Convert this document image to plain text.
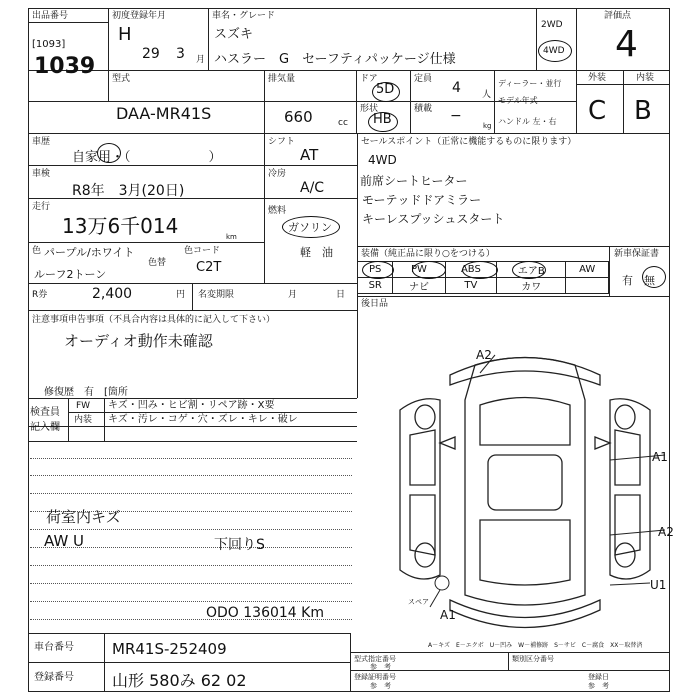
出品番号
[1093]
1039
初度登録年月
H
29 3 月
車名・グレード
スズキ
ハスラー　G　セーフティパッケージ仕様
2WD
4WD
評価点
4
型式
DAA-MR41S
排気量
660	cc
ドア
5D
定員
4 人
形状
HB
積載 −
kg
ディーラー・並行
モデル年式
ハンドル 左・右
外装	内装
C B
車歴
自家用・（　　　　　　）
シフト
AT
車検
R8年　3月(20日)
冷房
A/C
走行
13万6千014	km
燃料
ガソリン
軽　油
色 パープル/ホワイト
ルーフ2トーン
色替
色コード
C2T
R券	2,400	円 名変期限	月	日
注意事項申告事項（不具合内容は具体的に記入して下さい）
オーディオ動作未確認
修復歴　有　[箇所
セールスポイント（正常に機能するものに限ります）
4WD
前席シートヒーター
モーテッドドアミラー
キーレスプッシュスタート
装備（純正品に限り○をつける）	新車保証書
有　無
PS	PW	ABS	エアB	AW
SR	ナビ	TV	カワ	
後日品
検査員
記入欄
FW
内装
キズ・凹み・ヒビ割・リペア跡・X要
キズ・汚レ・コゲ・穴・ズレ・キレ・破レ
荷室内キズ
AW U	下回りS
ODO 136014 Km
A2
A1
A2
U1
A1
スペア
A－キズ　E－エクボ　U－凹み　W－補修跡　S－サビ　C－腐食　XX－取替済
車台番号	MR41S-252409
登録番号 山形 580み 62 02
型式指定番号
参　考
類別区分番号
登録証明番号
参　考
登録日
参　考
